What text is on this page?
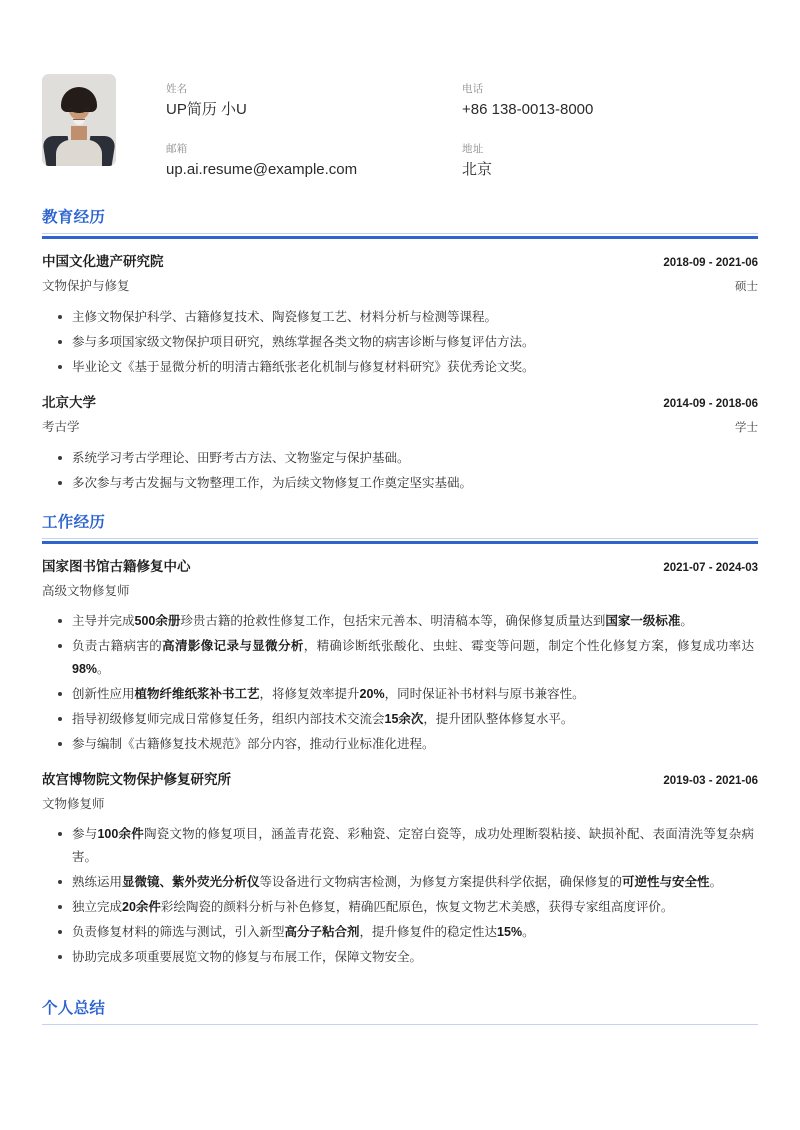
姓名
UP简历 小U
电话
+86 138-0013-8000
邮箱
up.ai.resume@example.com
地址
北京
教育经历
中国文化遗产研究院	2018-09 - 2021-06
文物保护与修复	硕士
主修文物保护科学、古籍修复技术、陶瓷修复工艺、材料分析与检测等课程。
参与多项国家级文物保护项目研究，熟练掌握各类文物的病害诊断与修复评估方法。
毕业论文《基于显微分析的明清古籍纸张老化机制与修复材料研究》获优秀论文奖。
北京大学	2014-09 - 2018-06
考古学	学士
系统学习考古学理论、田野考古方法、文物鉴定与保护基础。
多次参与考古发掘与文物整理工作，为后续文物修复工作奠定坚实基础。
工作经历
国家图书馆古籍修复中心	2021-07 - 2024-03
高级文物修复师
主导并完成500余册珍贵古籍的抢救性修复工作，包括宋元善本、明清稿本等，确保修复质量达到国家一级标准。
负责古籍病害的高清影像记录与显微分析，精确诊断纸张酸化、虫蛀、霉变等问题，制定个性化修复方案，修复成功率达98%。
创新性应用植物纤维纸浆补书工艺，将修复效率提升20%，同时保证补书材料与原书兼容性。
指导初级修复师完成日常修复任务，组织内部技术交流会15余次，提升团队整体修复水平。
参与编制《古籍修复技术规范》部分内容，推动行业标准化进程。
故宫博物院文物保护修复研究所	2019-03 - 2021-06
文物修复师
参与100余件陶瓷文物的修复项目，涵盖青花瓷、彩釉瓷、定窑白瓷等，成功处理断裂粘接、缺损补配、表面清洗等复杂病害。
熟练运用显微镜、紫外荧光分析仪等设备进行文物病害检测，为修复方案提供科学依据，确保修复的可逆性与安全性。
独立完成20余件彩绘陶瓷的颜料分析与补色修复，精确匹配原色，恢复文物艺术美感，获得专家组高度评价。
负责修复材料的筛选与测试，引入新型高分子粘合剂，提升修复件的稳定性达15%。
协助完成多项重要展览文物的修复与布展工作，保障文物安全。
个人总结
